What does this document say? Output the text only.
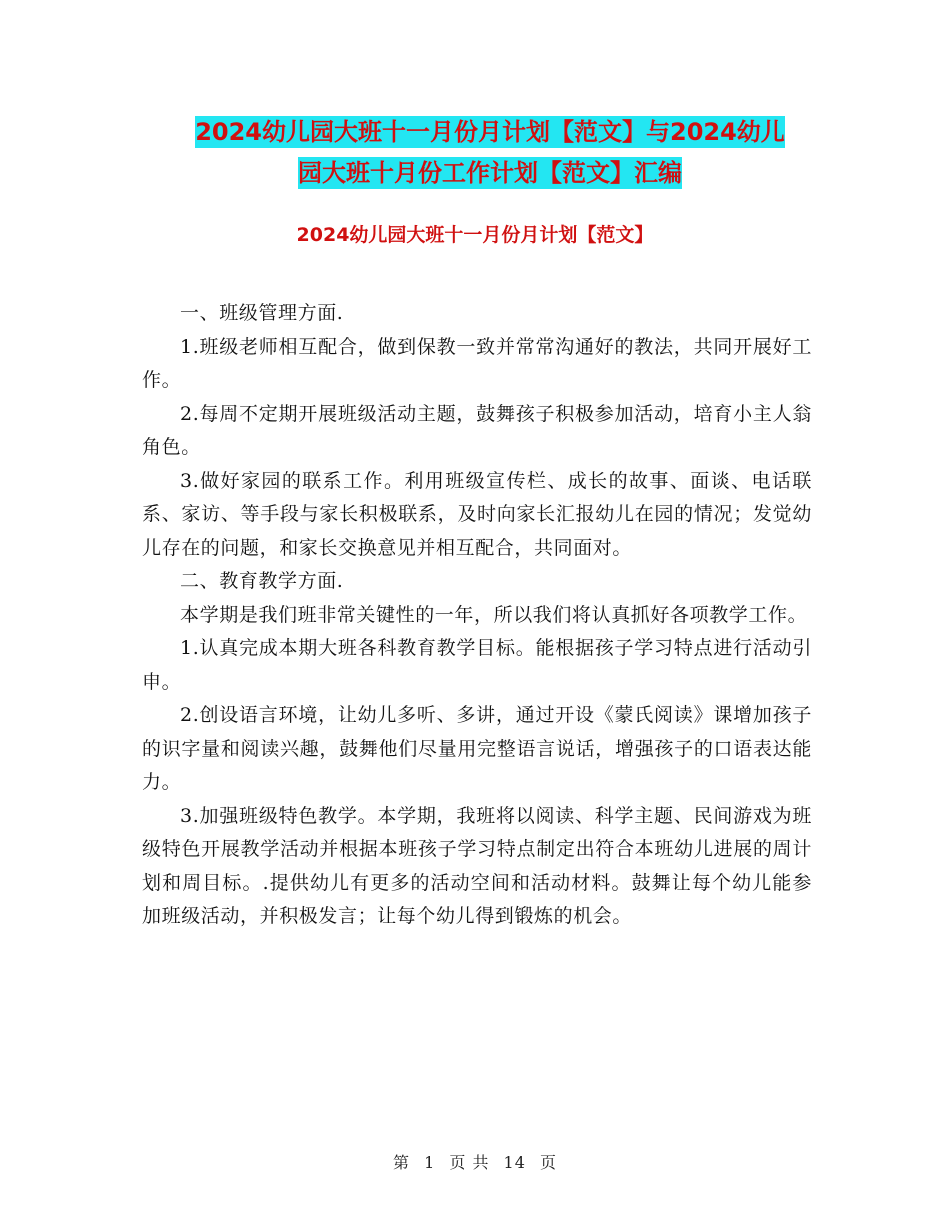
2024幼儿园大班十一月份月计划【范文】与2024幼儿
园大班十月份工作计划【范文】汇编
2024幼儿园大班十一月份月计划【范文】

一、班级管理方面.

1.班级老师相互配合，做到保教一致并常常沟通好的教法，共同开展好工作。

2.每周不定期开展班级活动主题，鼓舞孩子积极参加活动，培育小主人翁角色。

3.做好家园的联系工作。利用班级宣传栏、成长的故事、面谈、电话联系、家访、等手段与家长积极联系，及时向家长汇报幼儿在园的情况；发觉幼儿存在的问题，和家长交换意见并相互配合，共同面对。

二、教育教学方面.

本学期是我们班非常关键性的一年，所以我们将认真抓好各项教学工作。

1.认真完成本期大班各科教育教学目标。能根据孩子学习特点进行活动引申。

2.创设语言环境，让幼儿多听、多讲，通过开设《蒙氏阅读》课增加孩子的识字量和阅读兴趣，鼓舞他们尽量用完整语言说话，增强孩子的口语表达能力。

3.加强班级特色教学。本学期，我班将以阅读、科学主题、民间游戏为班级特色开展教学活动并根据本班孩子学习特点制定出符合本班幼儿进展的周计划和周目标。.提供幼儿有更多的活动空间和活动材料。鼓舞让每个幼儿能参加班级活动，并积极发言；让每个幼儿得到锻炼的机会。

第 1 页 共 14 页
